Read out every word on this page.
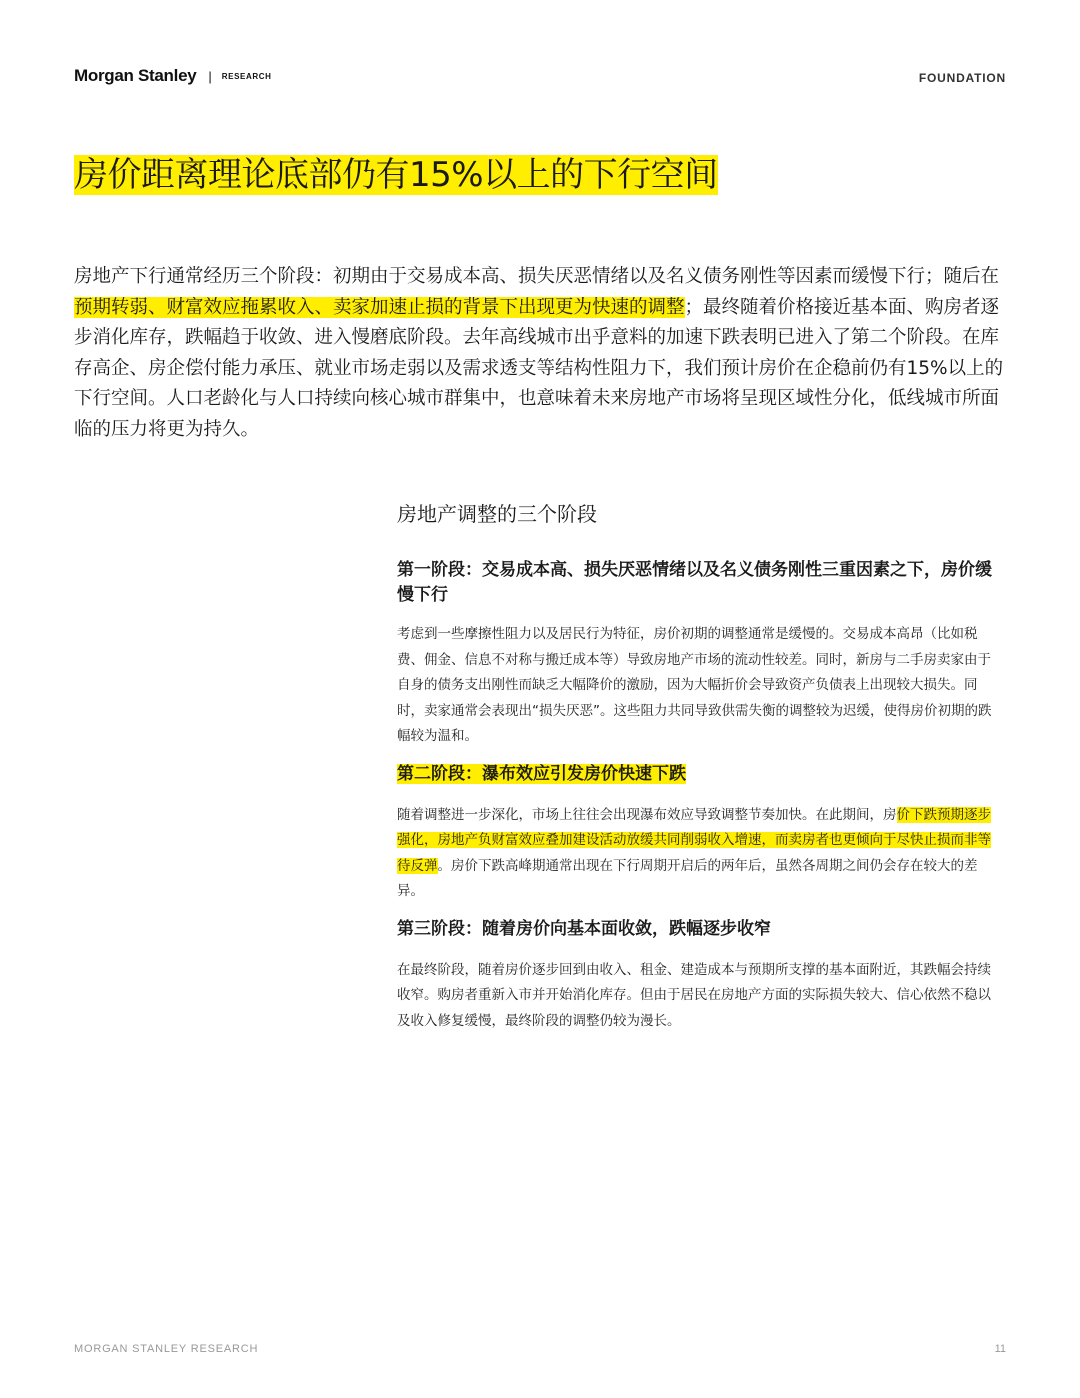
Morgan Stanley | RESEARCH	FOUNDATION
房价距离理论底部仍有15%以上的下行空间

房地产下行通常经历三个阶段：初期由于交易成本高、损失厌恶情绪以及名义债务刚性等因素而缓慢下行；随后在预期转弱、财富效应拖累收入、卖家加速止损的背景下出现更为快速的调整；最终随着价格接近基本面、购房者逐步消化库存，跌幅趋于收敛、进入慢磨底阶段。去年高线城市出乎意料的加速下跌表明已进入了第二个阶段。在库存高企、房企偿付能力承压、就业市场走弱以及需求透支等结构性阻力下，我们预计房价在企稳前仍有15%以上的下行空间。人口老龄化与人口持续向核心城市群集中，也意味着未来房地产市场将呈现区域性分化，低线城市所面临的压力将更为持久。

房地产调整的三个阶段
第一阶段：交易成本高、损失厌恶情绪以及名义债务刚性三重因素之下，房价缓慢下行

考虑到一些摩擦性阻力以及居民行为特征，房价初期的调整通常是缓慢的。交易成本高昂（比如税费、佣金、信息不对称与搬迁成本等）导致房地产市场的流动性较差。同时，新房与二手房卖家由于自身的债务支出刚性而缺乏大幅降价的激励，因为大幅折价会导致资产负债表上出现较大损失。同时，卖家通常会表现出“损失厌恶”。这些阻力共同导致供需失衡的调整较为迟缓，使得房价初期的跌幅较为温和。

第二阶段：瀑布效应引发房价快速下跌

随着调整进一步深化，市场上往往会出现瀑布效应导致调整节奏加快。在此期间，房价下跌预期逐步强化，房地产负财富效应叠加建设活动放缓共同削弱收入增速，而卖房者也更倾向于尽快止损而非等待反弹。房价下跌高峰期通常出现在下行周期开启后的两年后，虽然各周期之间仍会存在较大的差异。

第三阶段：随着房价向基本面收敛，跌幅逐步收窄

在最终阶段，随着房价逐步回到由收入、租金、建造成本与预期所支撑的基本面附近，其跌幅会持续收窄。购房者重新入市并开始消化库存。但由于居民在房地产方面的实际损失较大、信心依然不稳以及收入修复缓慢，最终阶段的调整仍较为漫长。

MORGAN STANLEY RESEARCH	11
